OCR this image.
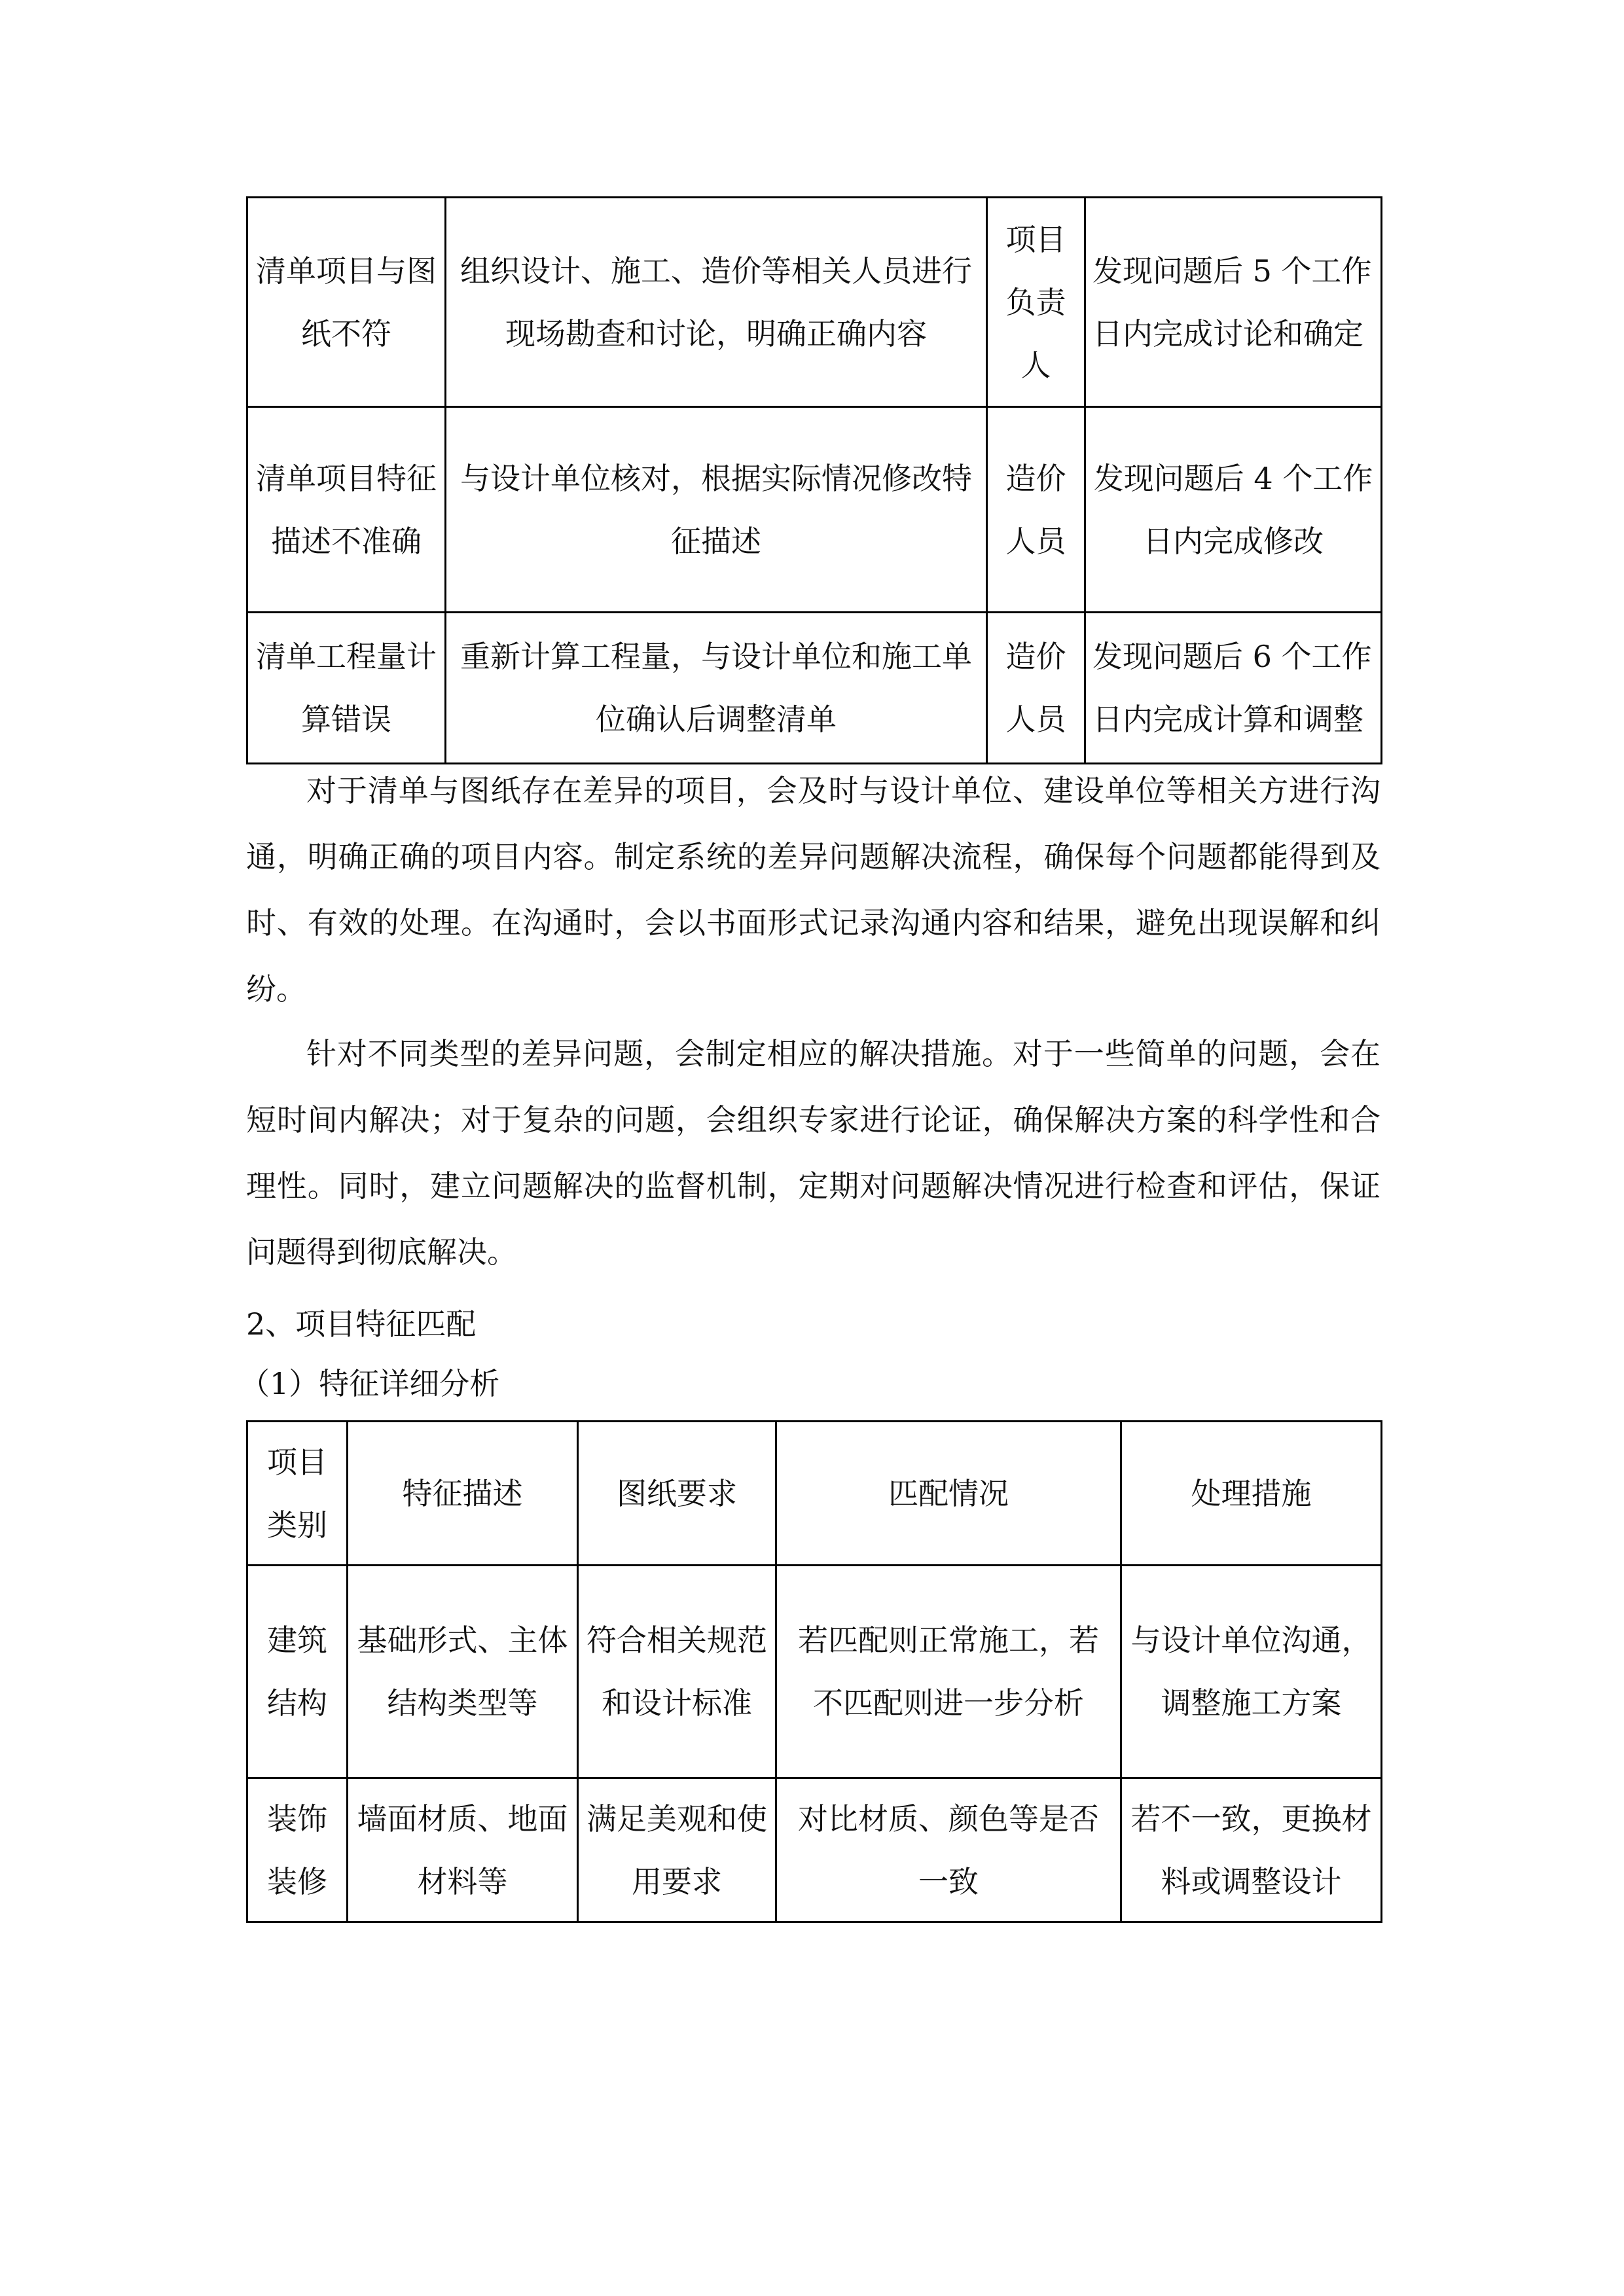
清单项目与图纸不符	组织设计、施工、造价等相关人员进行现场勘查和讨论，明确正确内容	项目负责人	发现问题后 5 个工作日内完成讨论和确定
清单项目特征描述不准确	与设计单位核对，根据实际情况修改特征描述	造价人员	发现问题后 4 个工作日内完成修改
清单工程量计算错误	重新计算工程量，与设计单位和施工单位确认后调整清单	造价人员	发现问题后 6 个工作日内完成计算和调整

对于清单与图纸存在差异的项目，会及时与设计单位、建设单位等相关方进行沟通，明确正确的项目内容。制定系统的差异问题解决流程，确保每个问题都能得到及时、有效的处理。在沟通时，会以书面形式记录沟通内容和结果，避免出现误解和纠纷。

针对不同类型的差异问题，会制定相应的解决措施。对于一些简单的问题，会在短时间内解决；对于复杂的问题，会组织专家进行论证，确保解决方案的科学性和合理性。同时，建立问题解决的监督机制，定期对问题解决情况进行检查和评估，保证问题得到彻底解决。

2、项目特征匹配

（1）特征详细分析

项目类别	特征描述	图纸要求	匹配情况	处理措施
建筑结构	基础形式、主体结构类型等	符合相关规范和设计标准	若匹配则正常施工，若不匹配则进一步分析	与设计单位沟通，调整施工方案
装饰装修	墙面材质、地面材料等	满足美观和使用要求	对比材质、颜色等是否一致	若不一致，更换材料或调整设计
